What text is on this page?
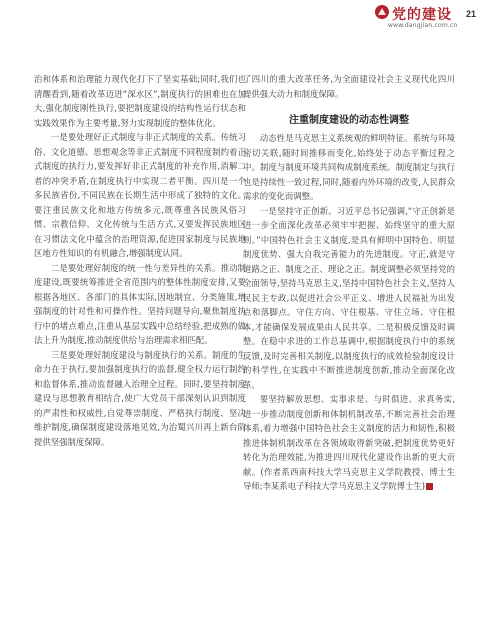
党的建设
www.dangjian.com.cn
21

治和体系和治理能力现代化打下了坚实基础;同时,我们也清醒看到,随着改革迈进“深水区”,制度执行的困难也在加大,强化制度刚性执行,要把制度建设的结构性运行状态和实践效果作为主要考量,努力实现制度的整体优化。

一是要处理好正式制度与非正式制度的关系。传统习俗、文化道德、思想观念等非正式制度不同程度制约着正式制度的执行力,要发挥好非正式制度的补充作用,消解二者的冲突矛盾,在制度执行中实现二者平衡。四川是一个多民族省份,不同民族在长期生活中形成了独特的文化。要注重民族文化和地方传统多元,既尊重各民族风俗习惯、宗教信仰、文化传统与生活方式,又要发挥民族地区在习惯法文化中蕴含的治理资源,促进国家制度与民族地区地方性知识的有机融合,增强制度认同。

二是要处理好制度的统一性与差异性的关系。推动制度建设,既要统筹推进全省范围内的整体性制度安排,又要根据各地区、各部门的具体实际,因地制宜、分类施策,增强制度的针对性和可操作性。坚持问题导向,聚焦制度执行中的堵点难点,注重从基层实践中总结经验,把成熟的做法上升为制度,推动制度供给与治理需求相匹配。

三是要处理好制度建设与制度执行的关系。制度的生命力在于执行,要加强制度执行的监督,健全权力运行制约和监督体系,推动监督融入治理全过程。同时,要坚持制度建设与思想教育相结合,使广大党员干部深刻认识到制度的严肃性和权威性,自觉尊崇制度、严格执行制度、坚决维护制度,确保制度建设落地见效,为治蜀兴川再上新台阶提供坚强制度保障。

了四川的重大改革任务,为全面建设社会主义现代化四川提供强大动力和制度保障。

注重制度建设的动态性调整

动态性是马克思主义系统观的鲜明特征。系统与环境密切关联,随时间推移而变化,始终处于动态平衡过程之中。制度与制度环境共同构成制度系统。制度制定与执行也是持续性一致过程,同时,随着内外环境的改变,人民群众需求的变化而调整。

一是坚持守正创新。习近平总书记强调,“守正创新是进一步全面深化改革必须牢牢把握、始终坚守的重大原则。”中国特色社会主义制度,是具有鲜明中国特色、明显制度优势、强大自我完善能力的先进制度。守正,就是守道路之正、制度之正、理论之正。制度调整必须坚持党的全面领导,坚持马克思主义,坚持中国特色社会主义,坚持人民民主专政,以促进社会公平正义、增进人民福祉为出发点和落脚点。守住方向、守住根基、守住立场、守住根本,才能确保发展成果由人民共享。二是积极反馈及时调整。在稳中求进的工作总基调中,根据制度执行中的系统反馈,及时完善相关制度,以制度执行的成效检验制度设计的科学性,在实践中不断推进制度创新,推动全面深化改革。

要坚持解放思想、实事求是、与时俱进、求真务实,进一步推动制度创新和体制机制改革,不断完善社会治理体系,着力增强中国特色社会主义制度的活力和韧性,积极推进体制机制改革在各领域取得新突破,把制度优势更好转化为治理效能,为推进四川现代化建设作出新的更大贡献。(作者系西南科技大学马克思主义学院教授、博士生导师;李某系电子科技大学马克思主义学院博士生)
